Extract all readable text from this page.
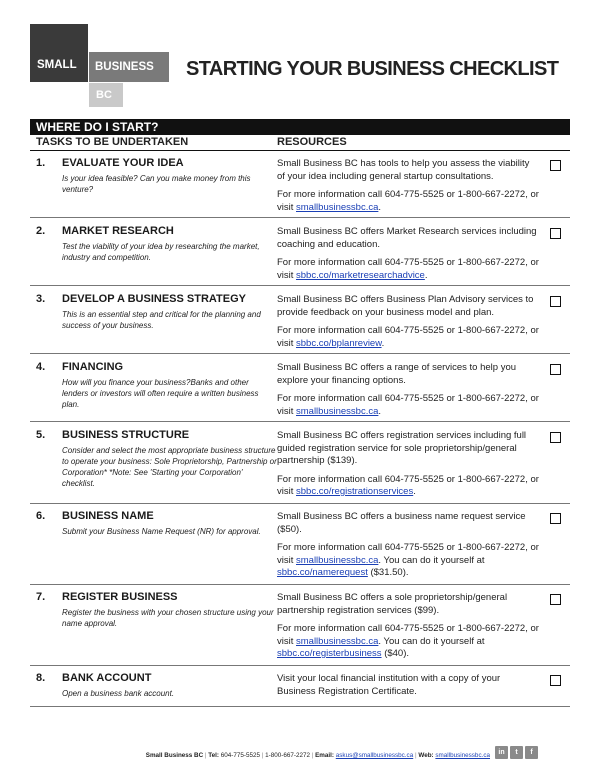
SMALL BUSINESS
BC
STARTING YOUR BUSINESS CHECKLIST
WHERE DO I START?
TASKS TO BE UNDERTAKEN	RESOURCES
1. EVALUATE YOUR IDEA
Is your idea feasible? Can you make money from this venture?

Small Business BC has tools to help you assess the viability of your idea including general startup consultations.

For more information call 604-775-5525 or 1-800-667-2272, or visit smallbusinessbc.ca.

2. MARKET RESEARCH
Test the viability of your idea by researching the market, industry and competition.

Small Business BC offers Market Research services including coaching and education.

For more information call 604-775-5525 or 1-800-667-2272, or visit sbbc.co/marketresearchadvice.

3. DEVELOP A BUSINESS STRATEGY
This is an essential step and critical for the planning and success of your business.

Small Business BC offers Business Plan Advisory services to provide feedback on your business model and plan.

For more information call 604-775-5525 or 1-800-667-2272, or visit sbbc.co/bplanreview.

4. FINANCING
How will you finance your business?Banks and other lenders or investors will often require a written business plan.

Small Business BC offers a range of services to help you explore your financing options.

For more information call 604-775-5525 or 1-800-667-2272, or visit smallbusinessbc.ca.

5. BUSINESS STRUCTURE
Consider and select the most appropriate business structure to operate your business: Sole Proprietorship, Partnership or Corporation* *Note: See 'Starting your Corporation' checklist.

Small Business BC offers registration services including full guided registration service for sole proprietorship/general partnership ($139).

For more information call 604-775-5525 or 1-800-667-2272, or visit sbbc.co/registrationservices.

6. BUSINESS NAME
Submit your Business Name Request (NR) for approval.

Small Business BC offers a business name request service ($50).

For more information call 604-775-5525 or 1-800-667-2272, or visit smallbusinessbc.ca. You can do it yourself at sbbc.co/namerequest ($31.50).

7. REGISTER BUSINESS
Register the business with your chosen structure using your name approval.

Small Business BC offers a sole proprietorship/general partnership registration services ($99).

For more information call 604-775-5525 or 1-800-667-2272, or visit smallbusinessbc.ca. You can do it yourself at sbbc.co/registerbusiness ($40).

8. BANK ACCOUNT
Open a business bank account.

Visit your local financial institution with a copy of your Business Registration Certificate.

Small Business BC | Tel: 604-775-5525 | 1-800-667-2272 | Email: askus@smallbusinessbc.ca | Web: smallbusinessbc.ca	in	t	f
